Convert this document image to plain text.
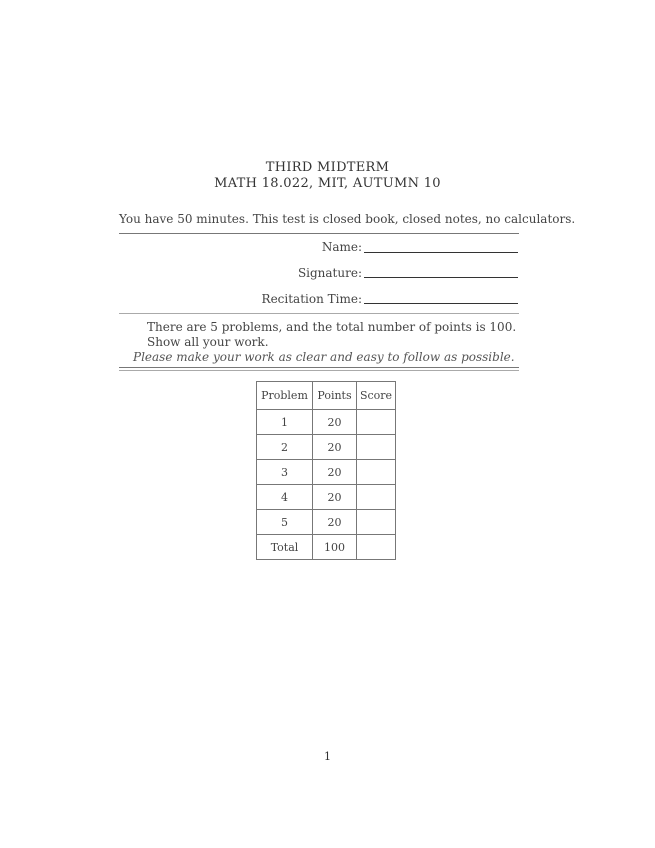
THIRD MIDTERM
MATH 18.022, MIT, AUTUMN 10
You have 50 minutes. This test is closed book, closed notes, no calculators.
Name:
Signature:
Recitation Time:
There are 5 problems, and the total number of points is 100. Show all your work.
Please make your work as clear and easy to follow as possible.
Problem	Points	Score
1	20	
2	20	
3	20	
4	20	
5	20	
Total	100	
1
